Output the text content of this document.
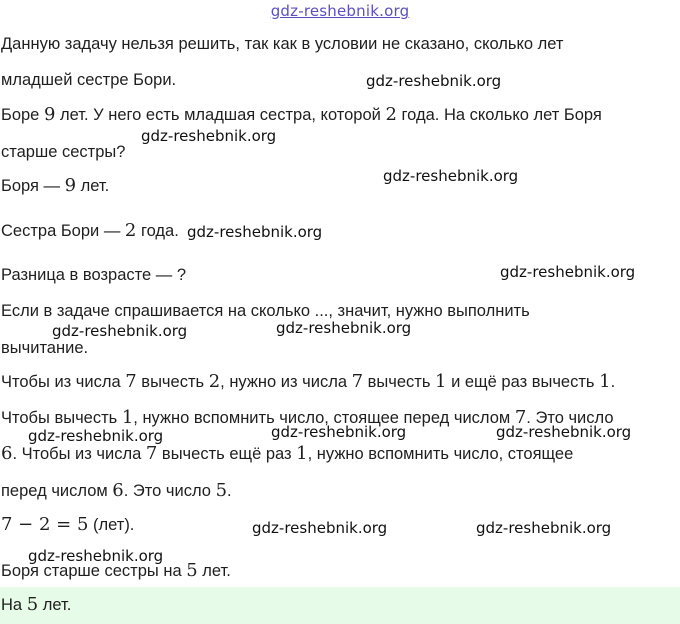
gdz-reshebnik.org
Данную задачу нельзя решить, так как в условии не сказано, сколько лет
младшей сестре Бори.
Боре 9 лет. У него есть младшая сестра, которой 2 года. На сколько лет Боря
старше сестры?
Боря — 9 лет.
Сестра Бори — 2 года.
Разница в возрасте — ?
Если в задаче спрашивается на сколько ..., значит, нужно выполнить
вычитание.
Чтобы из числа 7 вычесть 2, нужно из числа 7 вычесть 1 и ещё раз вычесть 1.
Чтобы вычесть 1, нужно вспомнить число, стоящее перед числом 7. Это число
6. Чтобы из числа 7 вычесть ещё раз 1, нужно вспомнить число, стоящее
перед числом 6. Это число 5.
7 − 2 = 5 (лет).
Боря старше сестры на 5 лет.
На 5 лет.
gdz-reshebnik.org
gdz-reshebnik.org
gdz-reshebnik.org
gdz-reshebnik.org
gdz-reshebnik.org
gdz-reshebnik.org	gdz-reshebnik.org
gdz-reshebnik.org	gdz-reshebnik.org	gdz-reshebnik.org
gdz-reshebnik.org	gdz-reshebnik.org
gdz-reshebnik.org
